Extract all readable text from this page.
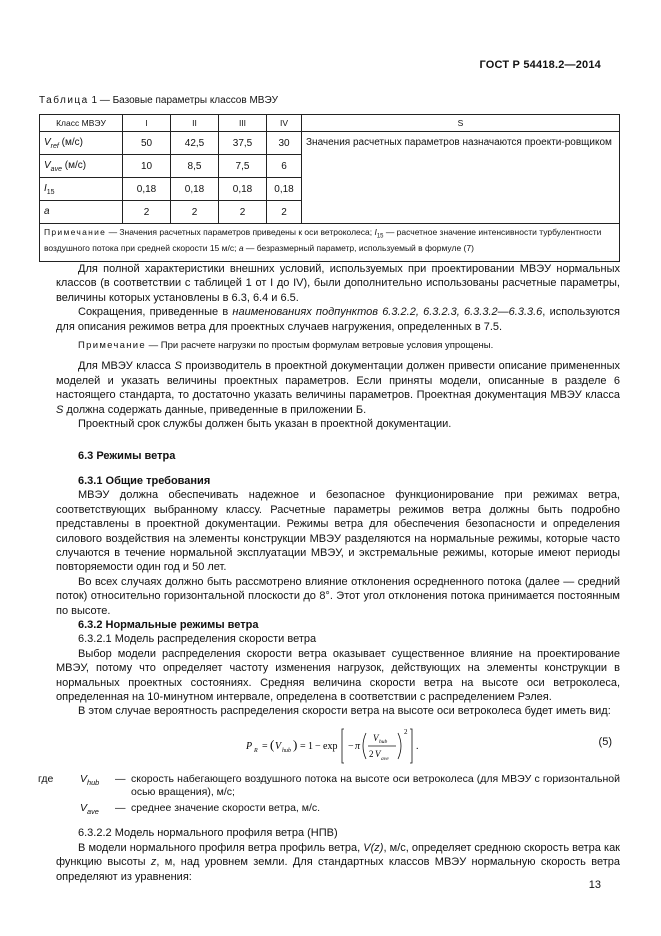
ГОСТ Р 54418.2—2014
Таблица 1 — Базовые параметры классов МВЭУ
Класс МВЭУ	I	II	III	IV	S
$V_{ref}$ (м/с)	50	42,5	37,5	30	Значения расчетных параметров назначаются проекти-ровщиком
$V_{ave}$ (м/с)	10	8,5	7,5	6	
$I_{15}$	0,18	0,18	0,18	0,18	
a	2	2	2	2	
Примечание — Значения расчетных параметров приведены к оси ветроколеса; $I_{15}$ — расчетное значение интенсивности турбулентности воздушного потока при средней скорости 15 м/с; a — безразмерный параметр, используемый в формуле (7)					

Для полной характеристики внешних условий, используемых при проектировании МВЭУ нормальных классов (в соответствии с таблицей 1 от I до IV), были дополнительно использованы расчетные параметры, величины которых установлены в 6.3, 6.4 и 6.5.

Сокращения, приведенные в наименованиях подпунктов 6.3.2.2, 6.3.2.3, 6.3.3.2—6.3.3.6, используются для описания режимов ветра для проектных случаев нагружения, определенных в 7.5.

Примечание — При расчете нагрузки по простым формулам ветровые условия упрощены.

Для МВЭУ класса S производитель в проектной документации должен привести описание примененных моделей и указать величины проектных параметров. Если приняты модели, описанные в разделе 6 настоящего стандарта, то достаточно указать величины параметров. Проектная документация МВЭУ класса S должна содержать данные, приведенные в приложении Б.

Проектный срок службы должен быть указан в проектной документации.

6.3 Режимы ветра
6.3.1 Общие требования

МВЭУ должна обеспечивать надежное и безопасное функционирование при режимах ветра, соответствующих выбранному классу. Расчетные параметры режимов ветра должны быть подробно представлены в проектной документации. Режимы ветра для обеспечения безопасности и определения силового воздействия на элементы конструкции МВЭУ разделяются на нормальные режимы, которые часто случаются в течение нормальной эксплуатации МВЭУ, и экстремальные режимы, которые имеют периоды повторяемости один год и 50 лет.

Во всех случаях должно быть рассмотрено влияние отклонения осредненного потока (далее — средний поток) относительно горизонтальной плоскости до 8°. Этот угол отклонения потока принимается постоянным по высоте.

6.3.2 Нормальные режимы ветра

6.3.2.1 Модель распределения скорости ветра

Выбор модели распределения скорости ветра оказывает существенное влияние на проектирование МВЭУ, потому что определяет частоту изменения нагрузок, действующих на элементы конструкции в нормальных проектных состояниях. Средняя величина скорости ветра на высоте оси ветроколеса, определенная на 10-минутном интервале, определена в соответствии с распределением Рэлея.

В этом случае вероятность распределения скорости ветра на высоте оси ветроколеса будет иметь вид:

P R = ( V hub ) = 1 − exp − π
V hub
2 V ave
2
.	(5)
где	$V_{hub}$	— скорость набегающего воздушного потока на высоте оси ветроколеса (для МВЭУ с горизонтальной осью вращения), м/с;
$V_{ave}$	— среднее значение скорости ветра, м/с.

6.3.2.2 Модель нормального профиля ветра (НПВ)

В модели нормального профиля ветра профиль ветра, V(z), м/с, определяет среднюю скорость ветра как функцию высоты z, м, над уровнем земли. Для стандартных классов МВЭУ нормальную скорость ветра определяют из уравнения:

13
